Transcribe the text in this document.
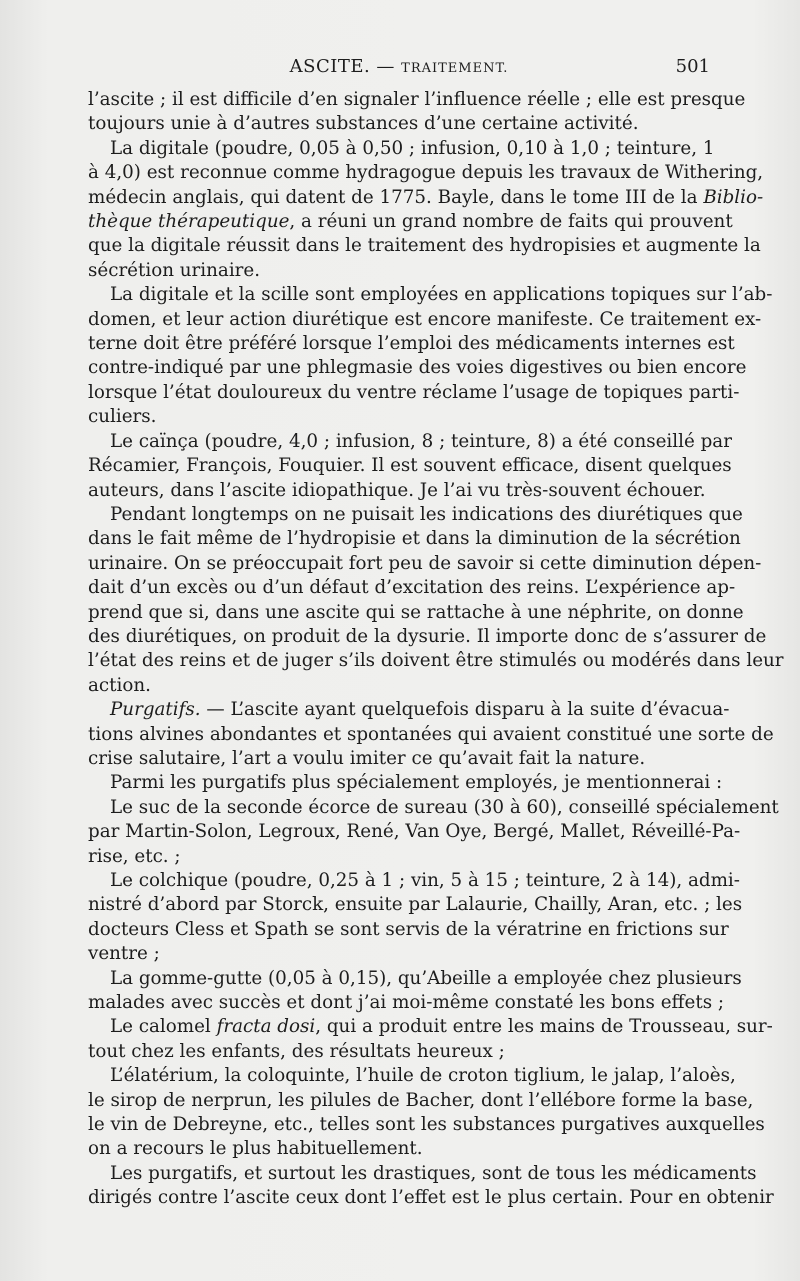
ASCITE. — TRAITEMENT.	501
l’ascite ; il est difficile d’en signaler l’influence réelle ; elle est presque
toujours unie à d’autres substances d’une certaine activité.
La digitale (poudre, 0,05 à 0,50 ; infusion, 0,10 à 1,0 ; teinture, 1
à 4,0) est reconnue comme hydragogue depuis les travaux de Withering,
médecin anglais, qui datent de 1775. Bayle, dans le tome III de la Biblio-
thèque thérapeutique, a réuni un grand nombre de faits qui prouvent
que la digitale réussit dans le traitement des hydropisies et augmente la
sécrétion urinaire.
La digitale et la scille sont employées en applications topiques sur l’ab-
domen, et leur action diurétique est encore manifeste. Ce traitement ex-
terne doit être préféré lorsque l’emploi des médicaments internes est
contre-indiqué par une phlegmasie des voies digestives ou bien encore
lorsque l’état douloureux du ventre réclame l’usage de topiques parti-
culiers.
Le caïnça (poudre, 4,0 ; infusion, 8 ; teinture, 8) a été conseillé par
Récamier, François, Fouquier. Il est souvent efficace, disent quelques
auteurs, dans l’ascite idiopathique. Je l’ai vu très-souvent échouer.
Pendant longtemps on ne puisait les indications des diurétiques que
dans le fait même de l’hydropisie et dans la diminution de la sécrétion
urinaire. On se préoccupait fort peu de savoir si cette diminution dépen-
dait d’un excès ou d’un défaut d’excitation des reins. L’expérience ap-
prend que si, dans une ascite qui se rattache à une néphrite, on donne
des diurétiques, on produit de la dysurie. Il importe donc de s’assurer de
l’état des reins et de juger s’ils doivent être stimulés ou modérés dans leur
action.
Purgatifs. — L’ascite ayant quelquefois disparu à la suite d’évacua-
tions alvines abondantes et spontanées qui avaient constitué une sorte de
crise salutaire, l’art a voulu imiter ce qu’avait fait la nature.
Parmi les purgatifs plus spécialement employés, je mentionnerai :
Le suc de la seconde écorce de sureau (30 à 60), conseillé spécialement
par Martin-Solon, Legroux, René, Van Oye, Bergé, Mallet, Réveillé-Pa-
rise, etc. ;
Le colchique (poudre, 0,25 à 1 ; vin, 5 à 15 ; teinture, 2 à 14), admi-
nistré d’abord par Storck, ensuite par Lalaurie, Chailly, Aran, etc. ; les
docteurs Cless et Spath se sont servis de la vératrine en frictions sur
ventre ;
La gomme-gutte (0,05 à 0,15), qu’Abeille a employée chez plusieurs
malades avec succès et dont j’ai moi-même constaté les bons effets ;
Le calomel fracta dosi, qui a produit entre les mains de Trousseau, sur-
tout chez les enfants, des résultats heureux ;
L’élatérium, la coloquinte, l’huile de croton tiglium, le jalap, l’aloès,
le sirop de nerprun, les pilules de Bacher, dont l’ellébore forme la base,
le vin de Debreyne, etc., telles sont les substances purgatives auxquelles
on a recours le plus habituellement.
Les purgatifs, et surtout les drastiques, sont de tous les médicaments
dirigés contre l’ascite ceux dont l’effet est le plus certain. Pour en obtenir
